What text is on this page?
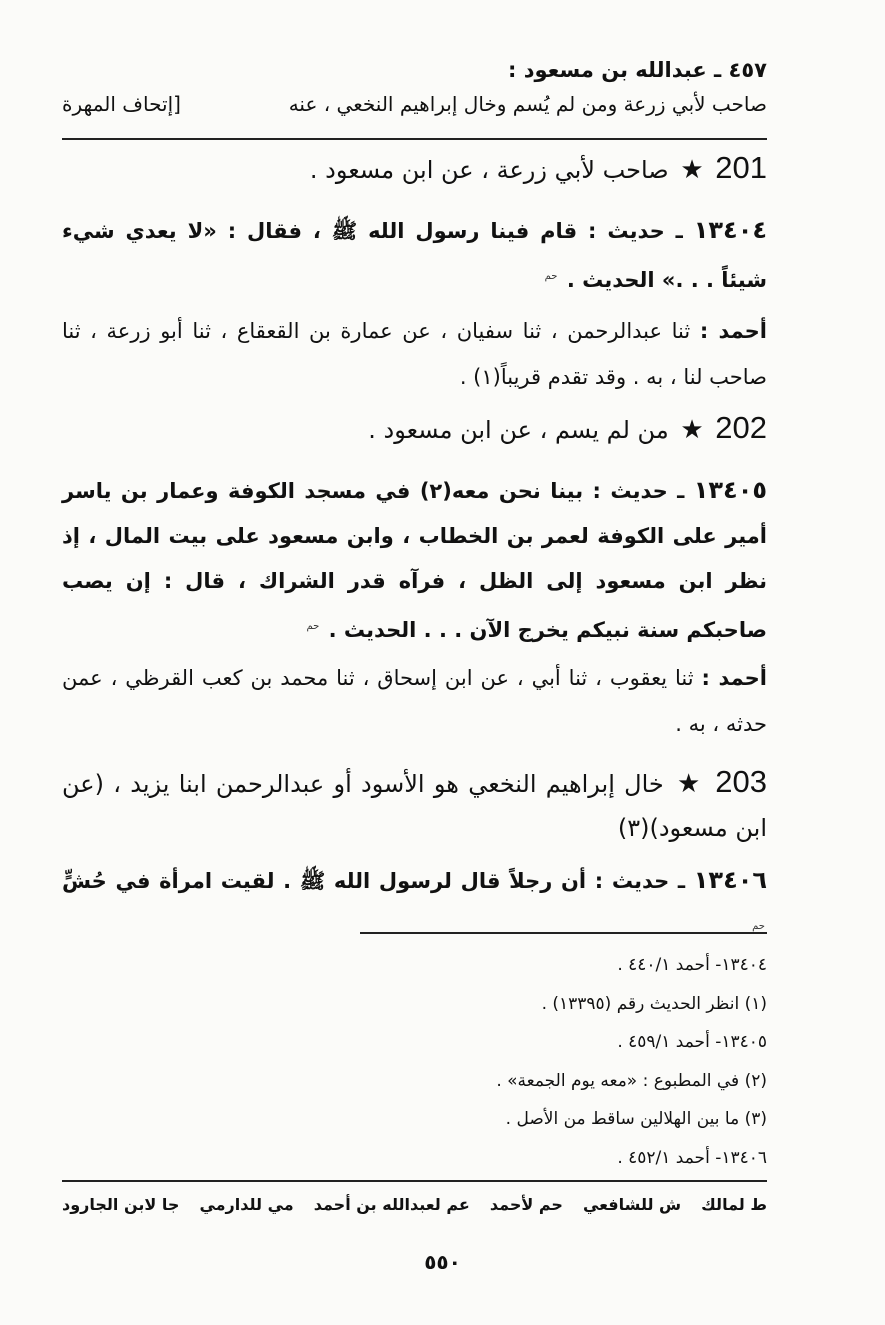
٤٥٧ ـ عبدالله بن مسعود :
صاحب لأبي زرعة ومن لم يُسم وخال إبراهيم النخعي ، عنه
[إتحاف المهرة
201 ★ صاحب لأبي زرعة ، عن ابن مسعود .
١٣٤٠٤ ـ حديث : قام فينا رسول الله ﷺ ، فقال : «لا يعدي شيء شيئاً . . .» الحديث . $^{حم}$
أحمد : ثنا عبدالرحمن ، ثنا سفيان ، عن عمارة بن القعقاع ، ثنا أبو زرعة ، ثنا صاحب لنا ، به . وقد تقدم قريباً(١) .
202 ★ من لم يسم ، عن ابن مسعود .
١٣٤٠٥ ـ حديث : بينا نحن معه(٢) في مسجد الكوفة وعمار بن ياسر أمير على الكوفة لعمر بن الخطاب ، وابن مسعود على بيت المال ، إذ نظر ابن مسعود إلى الظل ، فرآه قدر الشراك ، قال : إن يصب صاحبكم سنة نبيكم يخرج الآن . . . الحديث . $^{حم}$
أحمد : ثنا يعقوب ، ثنا أبي ، عن ابن إسحاق ، ثنا محمد بن كعب القرظي ، عمن حدثه ، به .
203 ★ خال إبراهيم النخعي هو الأسود أو عبدالرحمن ابنا يزيد ، (عن ابن مسعود)(٣)
١٣٤٠٦ ـ حديث : أن رجلاً قال لرسول الله ﷺ . لقيت امرأة في حُشٍّ $^{حم}$
١٣٤٠٤- أحمد ٤٤٠/١ .
(١) انظر الحديث رقم (١٣٣٩٥) .
١٣٤٠٥- أحمد ٤٥٩/١ .
(٢) في المطبوع : «معه يوم الجمعة» .
(٣) ما بين الهلالين ساقط من الأصل .
١٣٤٠٦- أحمد ٤٥٢/١ .
ط لمالك
ش للشافعي
حم لأحمد
عم لعبدالله بن أحمد
مي للدارمي
جا لابن الجارود
٥٥٠
